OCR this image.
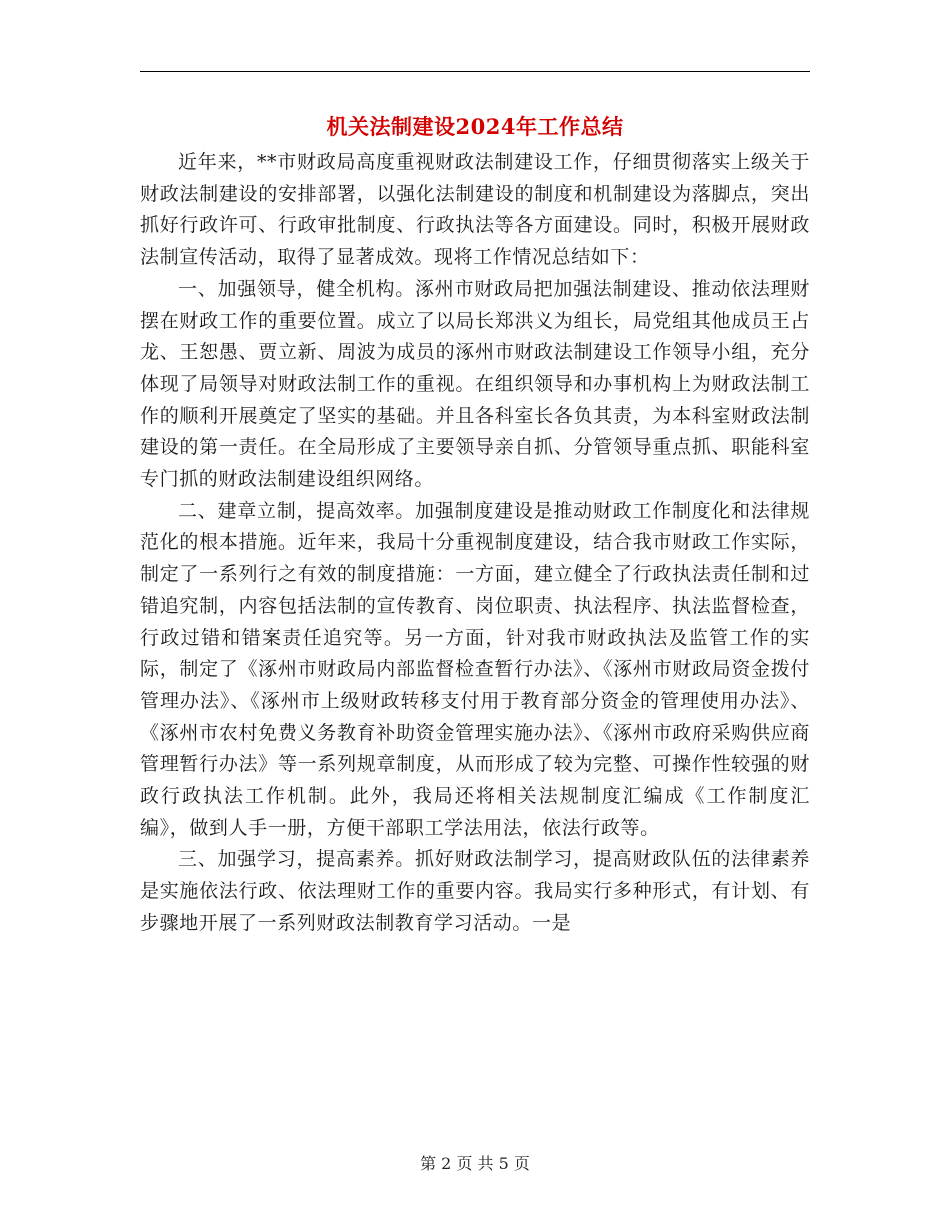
机关法制建设2024年工作总结

近年来，**市财政局高度重视财政法制建设工作，仔细贯彻落实上级关于财政法制建设的安排部署，以强化法制建设的制度和机制建设为落脚点，突出抓好行政许可、行政审批制度、行政执法等各方面建设。同时，积极开展财政法制宣传活动，取得了显著成效。现将工作情况总结如下：

一、加强领导，健全机构。涿州市财政局把加强法制建设、推动依法理财摆在财政工作的重要位置。成立了以局长郑洪义为组长，局党组其他成员王占龙、王恕愚、贾立新、周波为成员的涿州市财政法制建设工作领导小组，充分体现了局领导对财政法制工作的重视。在组织领导和办事机构上为财政法制工作的顺利开展奠定了坚实的基础。并且各科室长各负其责，为本科室财政法制建设的第一责任。在全局形成了主要领导亲自抓、分管领导重点抓、职能科室专门抓的财政法制建设组织网络。

二、建章立制，提高效率。加强制度建设是推动财政工作制度化和法律规范化的根本措施。近年来，我局十分重视制度建设，结合我市财政工作实际，制定了一系列行之有效的制度措施：一方面，建立健全了行政执法责任制和过错追究制，内容包括法制的宣传教育、岗位职责、执法程序、执法监督检查，行政过错和错案责任追究等。另一方面，针对我市财政执法及监管工作的实际，制定了《涿州市财政局内部监督检查暂行办法》、《涿州市财政局资金拨付管理办法》、《涿州市上级财政转移支付用于教育部分资金的管理使用办法》、《涿州市农村免费义务教育补助资金管理实施办法》、《涿州市政府采购供应商管理暂行办法》等一系列规章制度，从而形成了较为完整、可操作性较强的财政行政执法工作机制。此外，我局还将相关法规制度汇编成《工作制度汇编》，做到人手一册，方便干部职工学法用法，依法行政等。

三、加强学习，提高素养。抓好财政法制学习，提高财政队伍的法律素养是实施依法行政、依法理财工作的重要内容。我局实行多种形式，有计划、有步骤地开展了一系列财政法制教育学习活动。一是

第 2 页 共 5 页
